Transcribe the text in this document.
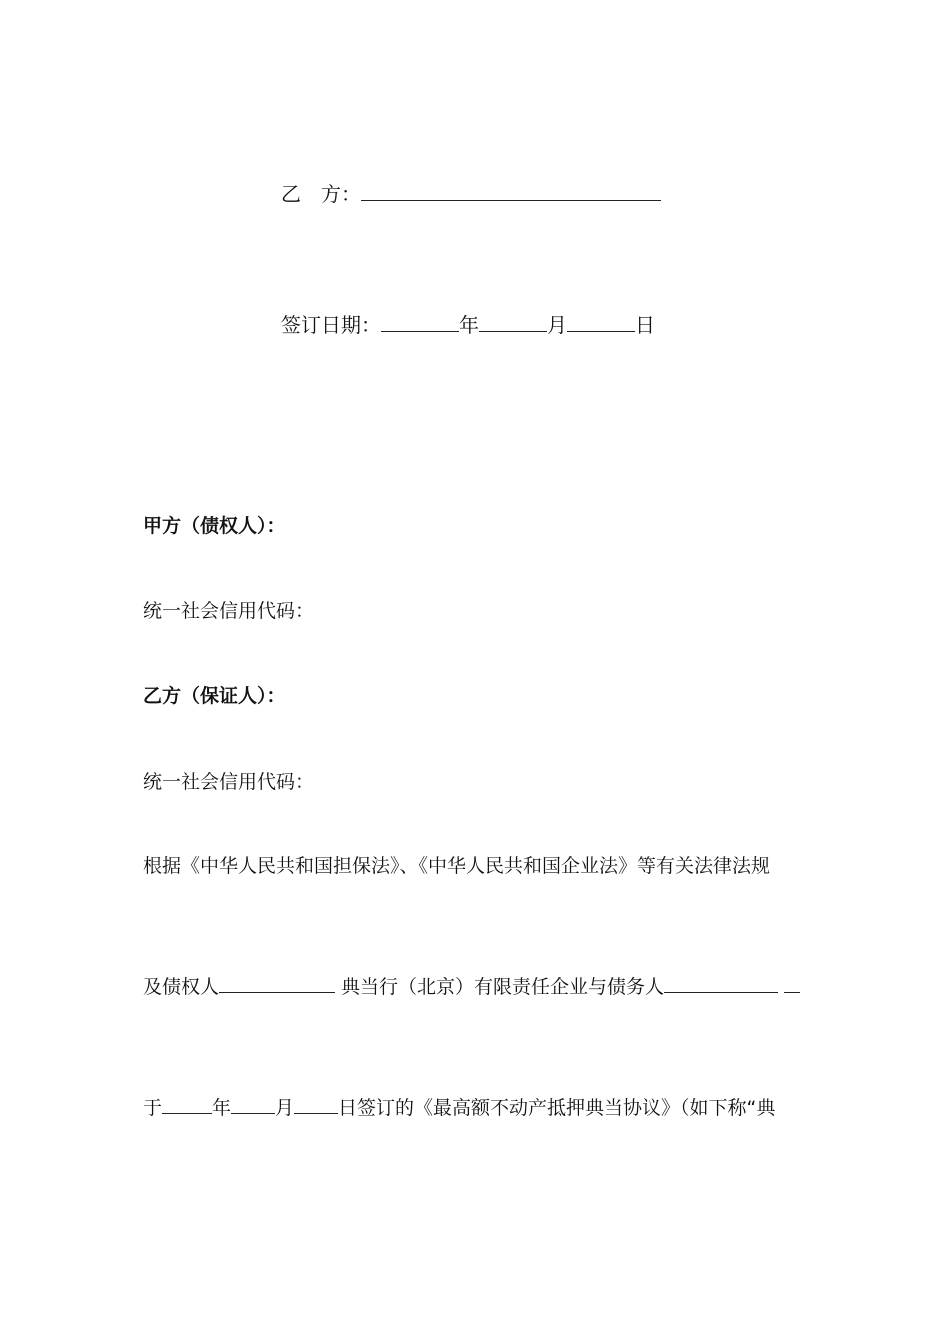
乙　方：
签订日期：	年	月	日
甲方（债权人）：
统一社会信用代码：
乙方（保证人）：
统一社会信用代码：
根据《中华人民共和国担保法》、《中华人民共和国企业法》等有关法律法规
及债权人	典当行（北京）有限责任企业与债务人
于	年 月 日签订的《最高额不动产抵押典当协议》（如下称“典
